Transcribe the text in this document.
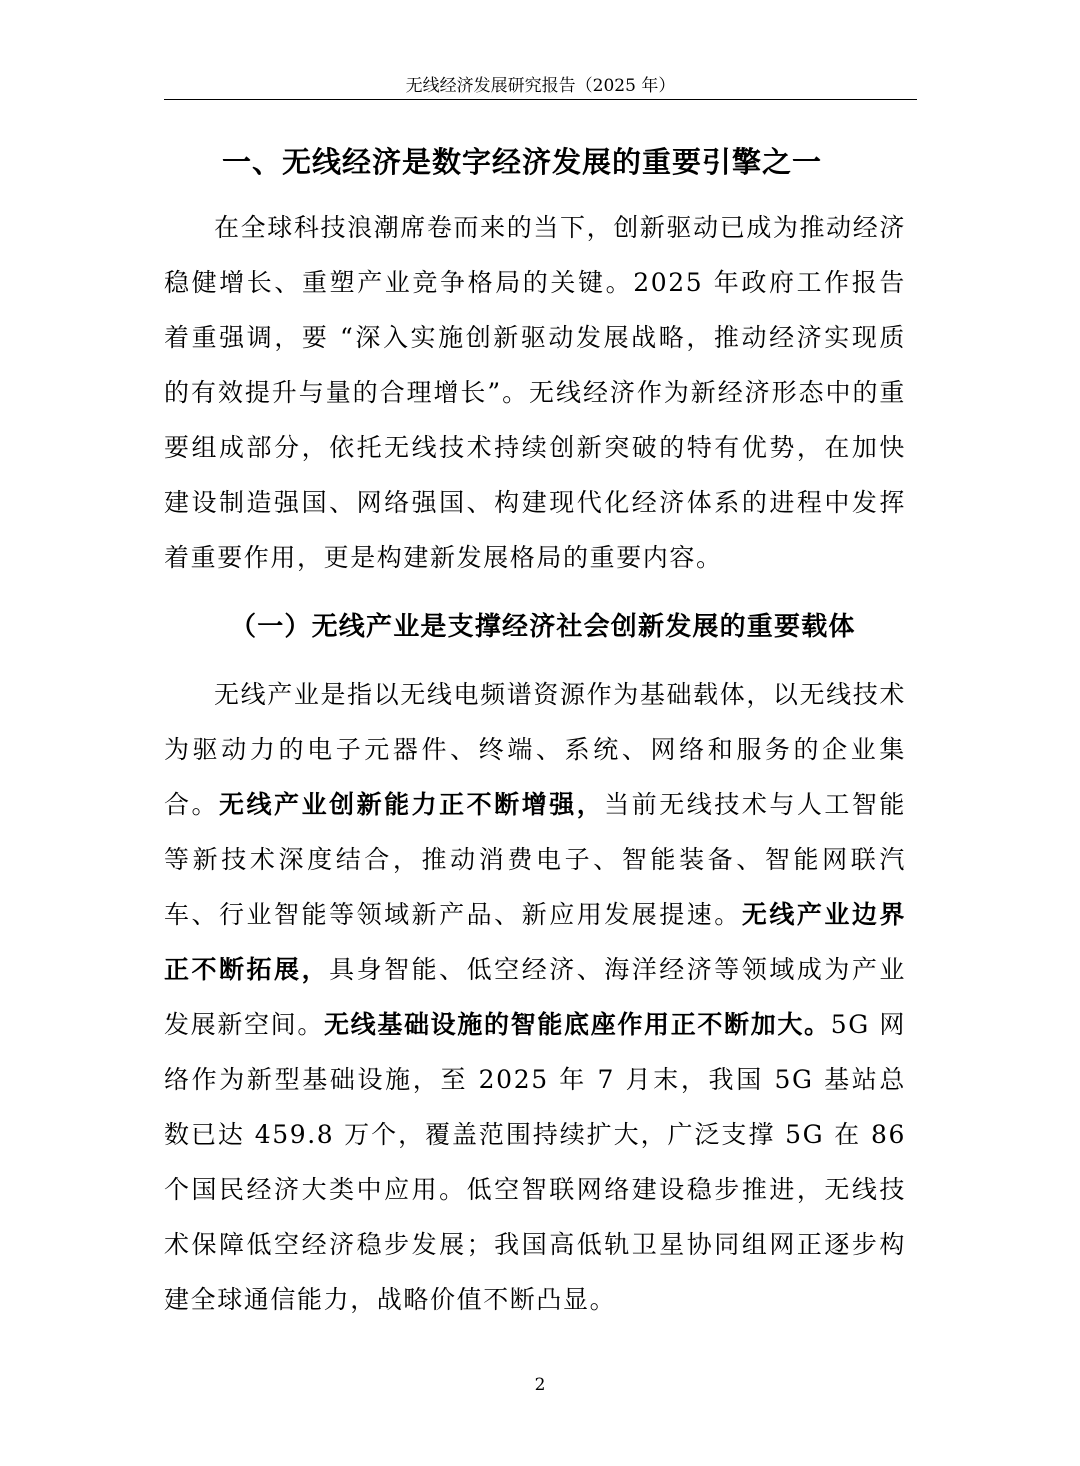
无线经济发展研究报告（2025 年）
一、无线经济是数字经济发展的重要引擎之一

在全球科技浪潮席卷而来的当下，创新驱动已成为推动经济稳健增长、重塑产业竞争格局的关键。2025 年政府工作报告着重强调，要 “深入实施创新驱动发展战略，推动经济实现质的有效提升与量的合理增长”。无线经济作为新经济形态中的重要组成部分，依托无线技术持续创新突破的特有优势，在加快建设制造强国、网络强国、构建现代化经济体系的进程中发挥着重要作用，更是构建新发展格局的重要内容。

（一）无线产业是支撑经济社会创新发展的重要载体

无线产业是指以无线电频谱资源作为基础载体，以无线技术为驱动力的电子元器件、终端、系统、网络和服务的企业集合。无线产业创新能力正不断增强，当前无线技术与人工智能等新技术深度结合，推动消费电子、智能装备、智能网联汽车、行业智能等领域新产品、新应用发展提速。无线产业边界正不断拓展，具身智能、低空经济、海洋经济等领域成为产业发展新空间。无线基础设施的智能底座作用正不断加大。5G 网络作为新型基础设施，至 2025 年 7 月末，我国 5G 基站总数已达 459.8 万个，覆盖范围持续扩大，广泛支撑 5G 在 86 个国民经济大类中应用。低空智联网络建设稳步推进，无线技术保障低空经济稳步发展；我国高低轨卫星协同组网正逐步构建全球通信能力，战略价值不断凸显。

2
